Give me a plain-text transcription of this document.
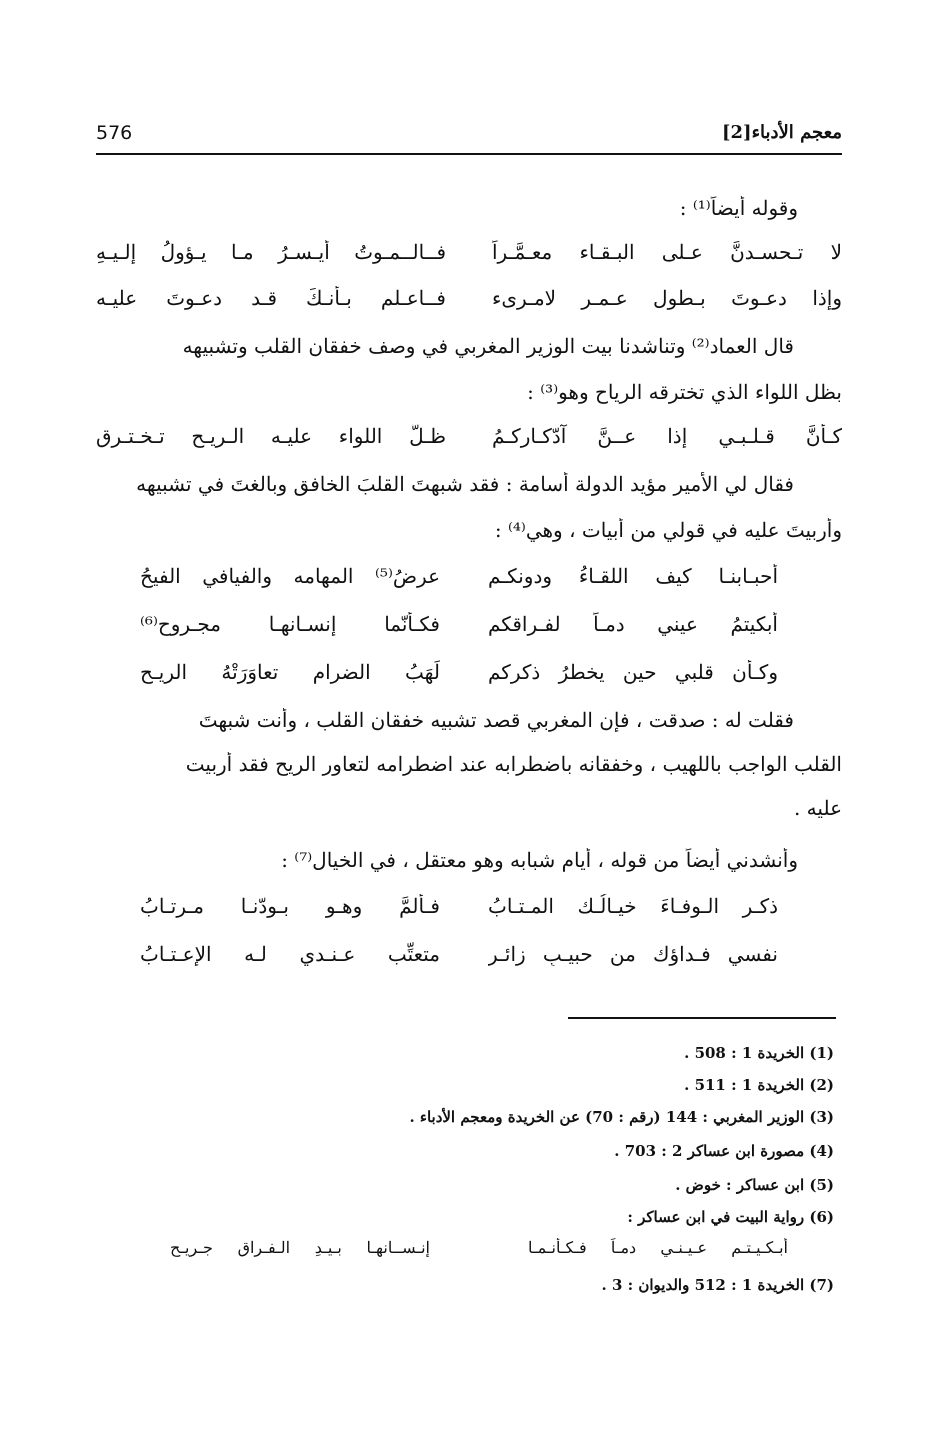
576	معجم الأدباء[2]
وقوله أيضاً⁽¹⁾ :
لا تـحسـدنَّ عـلى البـقـاء معـمَّـراً
فــالــمـوتُ أيـسـرُ مـا يـؤولُ إلـيـهِ
وإذا دعـوتَ بـطول عـمـرٍ لامـرىء
فــاعـلم بـأنـكَ قـد دعـوتَ عليـه
قال العماد⁽²⁾ وتناشدنا بيت الوزير المغربي في وصف خفقان القلب وتشبيهه
بظل اللواء الذي تخترقه الرياح وهو⁽³⁾ :
كـأنَّ قـلـبـي إذا عــنَّ آدّكـاركـمُ
ظـلُّ اللواء عليـه الـريـح تـخـتـرق
فقال لي الأمير مؤيد الدولة أسامة : فقد شبهتَ القلبَ الخافق وبالغتَ في تشبيهه
وأربيتَ عليه في قولي من أبيات ، وهي⁽⁴⁾ :
أحبـابنـا كيف اللقـاءُ ودونكـم
عرضُ⁽⁵⁾ المهامه والفيافي الفيحُ
أبكيتمُ عيني دمـاً لفـراقكم
فكـأنّما إنسـانهـا مجـروح⁽⁶⁾
وكـأن قلبي حين يخطرُ ذكركم
لَهَبُ الضرام تعاوَرَتْهُ الريـح
فقلت له : صدقت ، فإن المغربي قصد تشبيه خفقان القلب ، وأنت شبهتَ
القلب الواجب باللهيب ، وخفقانه باضطرابه عند اضطرامه لتعاور الريح فقد أربيت
عليه .
وأنشدني أيضاً من قوله ، أيام شبابه وهو معتقل ، في الخيال⁽⁷⁾ :
ذكـر الـوفـاءَ خيـالُـك المـتـابُ
فـألمَّ وهـو بـودّنـا مـرتـابُ
نفسي فـداؤك من حبيـبٍ زائـرٍ
متعتِّب عـنـدي لـه الإعـتـابُ
(1) الخريدة 1 : 508 .
(2) الخريدة 1 : 511 .
(3) الوزير المغربي : 144 (رقم : 70) عن الخريدة ومعجم الأدباء .
(4) مصورة ابن عساكر 2 : 703 .
(5) ابن عساكر : خوض .
(6) رواية البيت في ابن عساكر :
أبـكـيـتـم عـيـنـي دمـاً فـكـأنـمـا
إنـســانهـا بـيـدِ الـفـراق جـريـح
(7) الخريدة 1 : 512 والديوان : 3 .
